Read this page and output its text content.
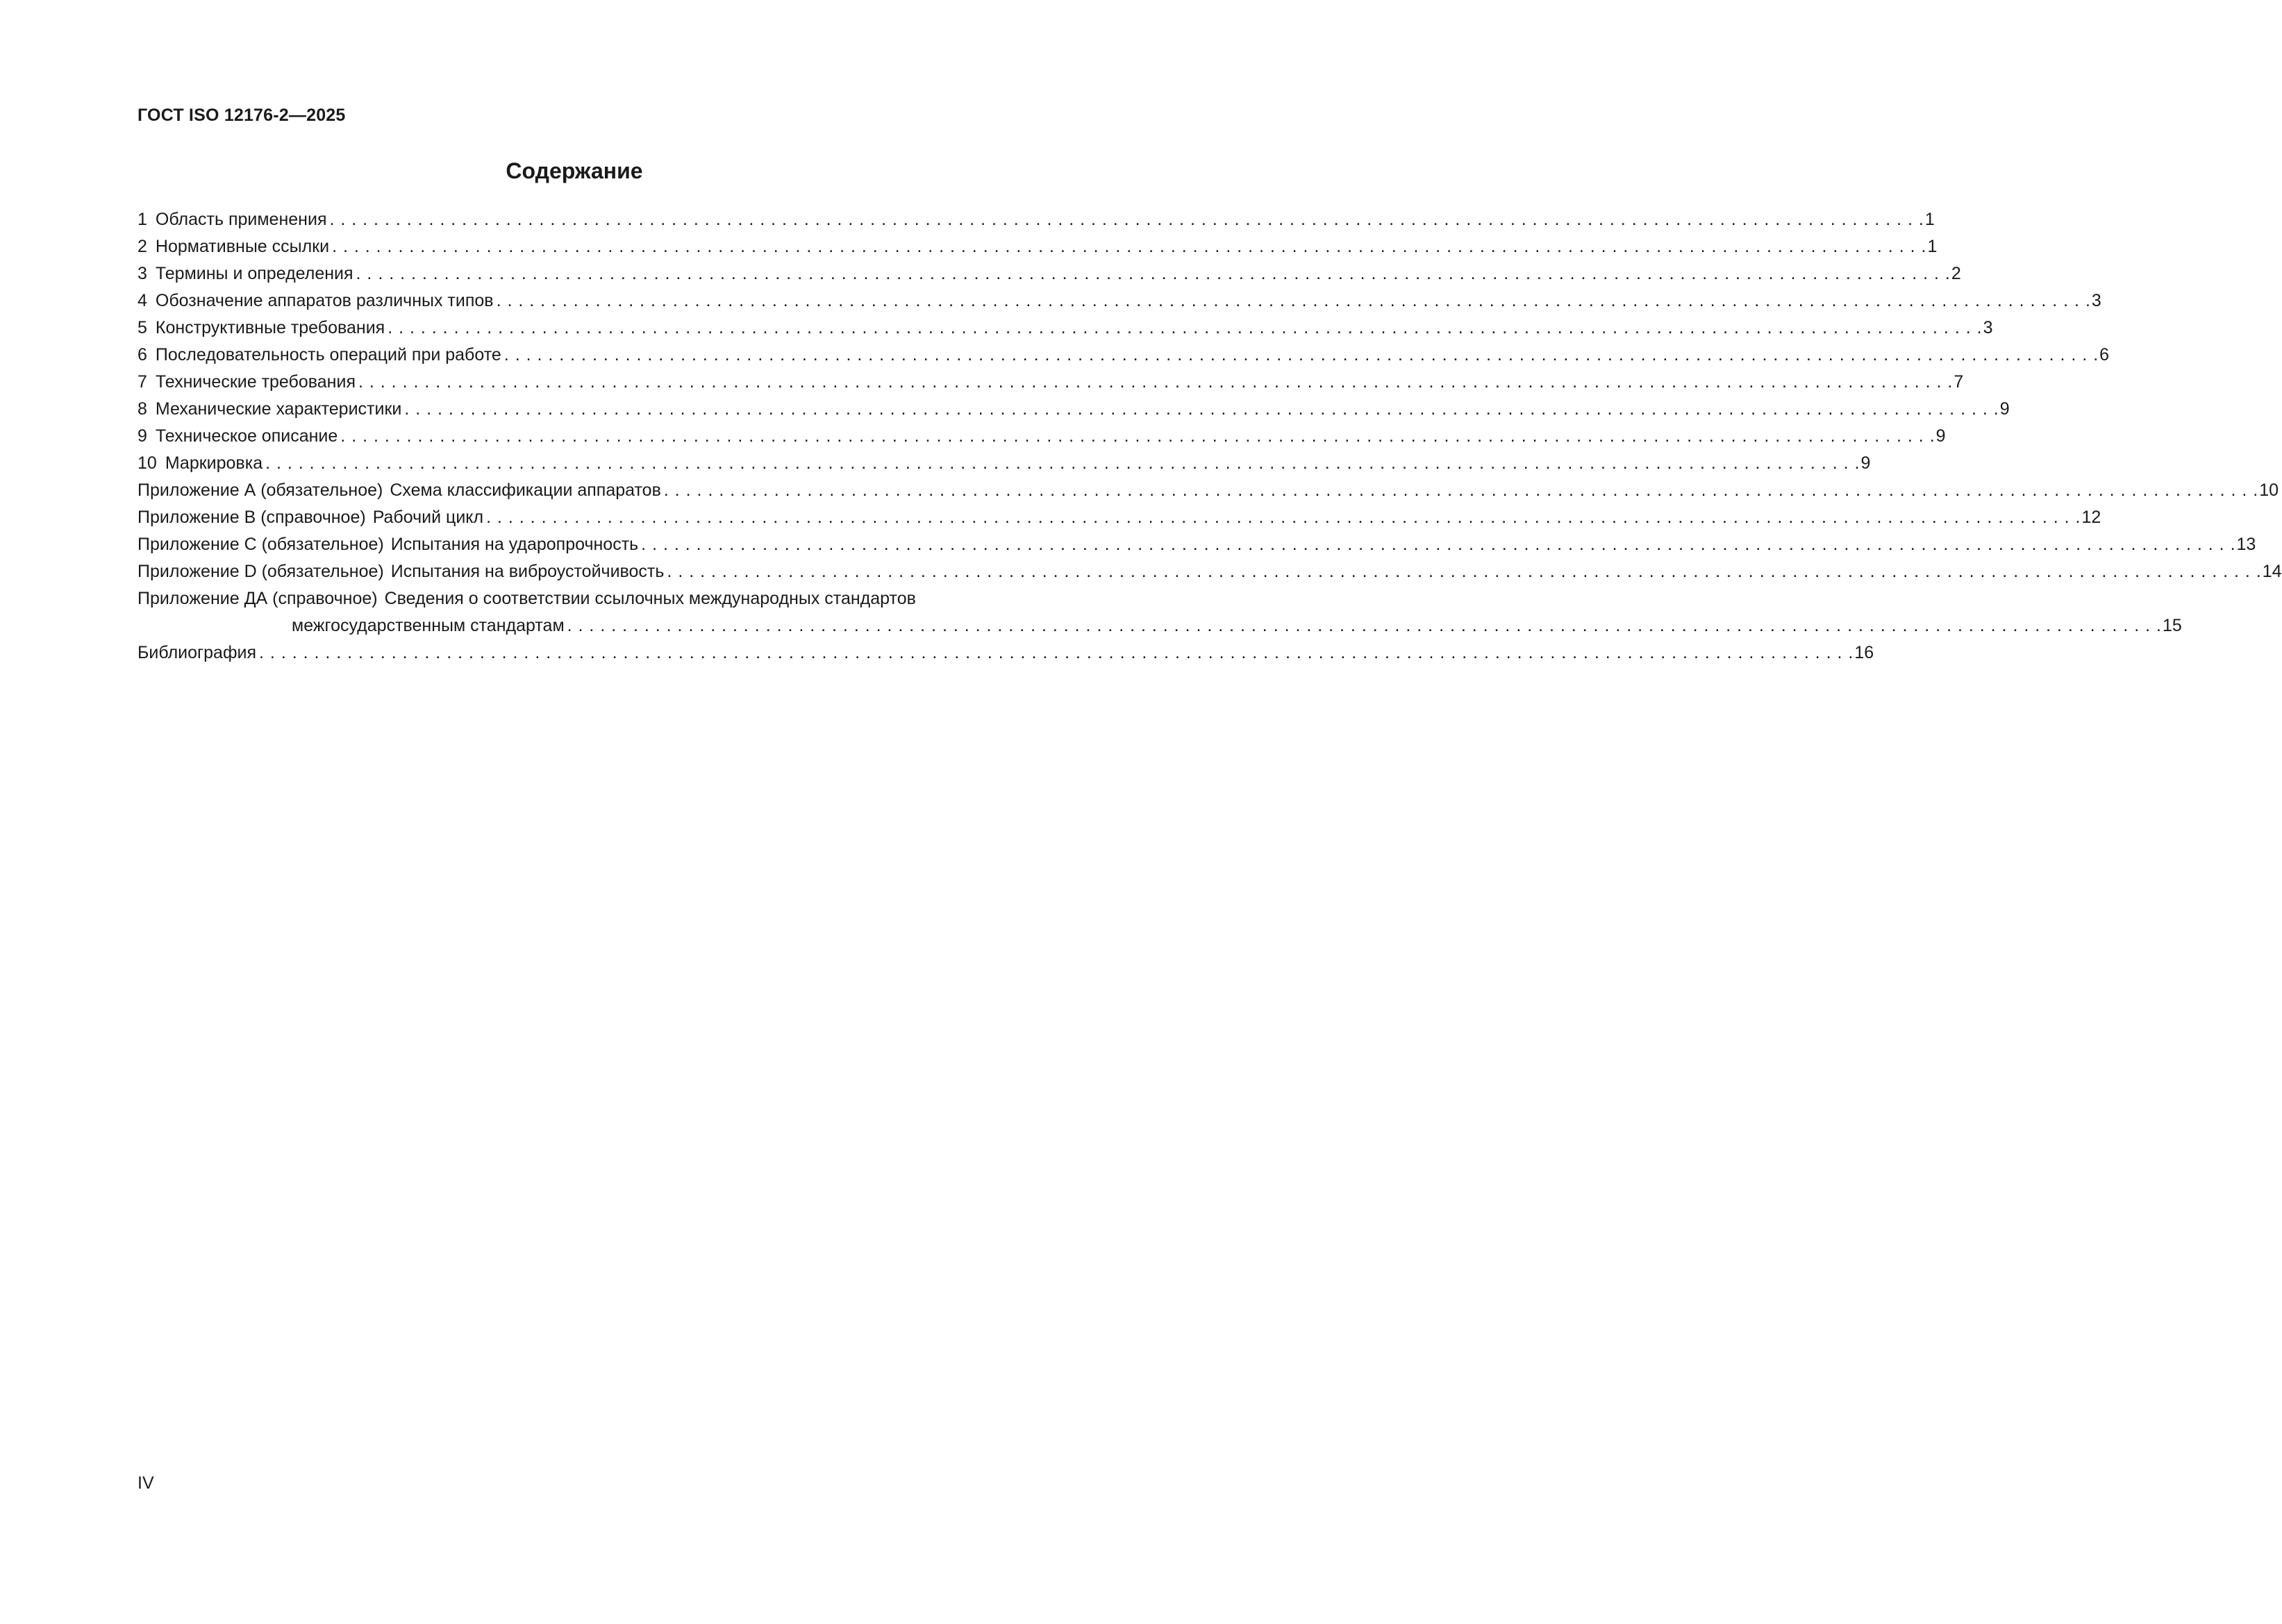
ГОСТ ISO 12176-2—2025
Содержание
1 Область применения . . .	1
2 Нормативные ссылки . . .	1
3 Термины и определения . . .	2
4 Обозначение аппаратов различных типов . . .	3
5 Конструктивные требования . . .	3
6 Последовательность операций при работе . . .	6
7 Технические требования . . .	7
8 Механические характеристики . . .	9
9 Техническое описание . . .	9
10 Маркировка . . .	9
Приложение А (обязательное) Схема классификации аппаратов . . .	10
Приложение В (справочное) Рабочий цикл . . .	12
Приложение С (обязательное) Испытания на ударопрочность . . .	13
Приложение D (обязательное) Испытания на виброустойчивость . . .	14
Приложение ДА (справочное) Сведения о соответствии ссылочных международных стандартов
межгосударственным стандартам . . .	15
Библиография . . .	16
IV
